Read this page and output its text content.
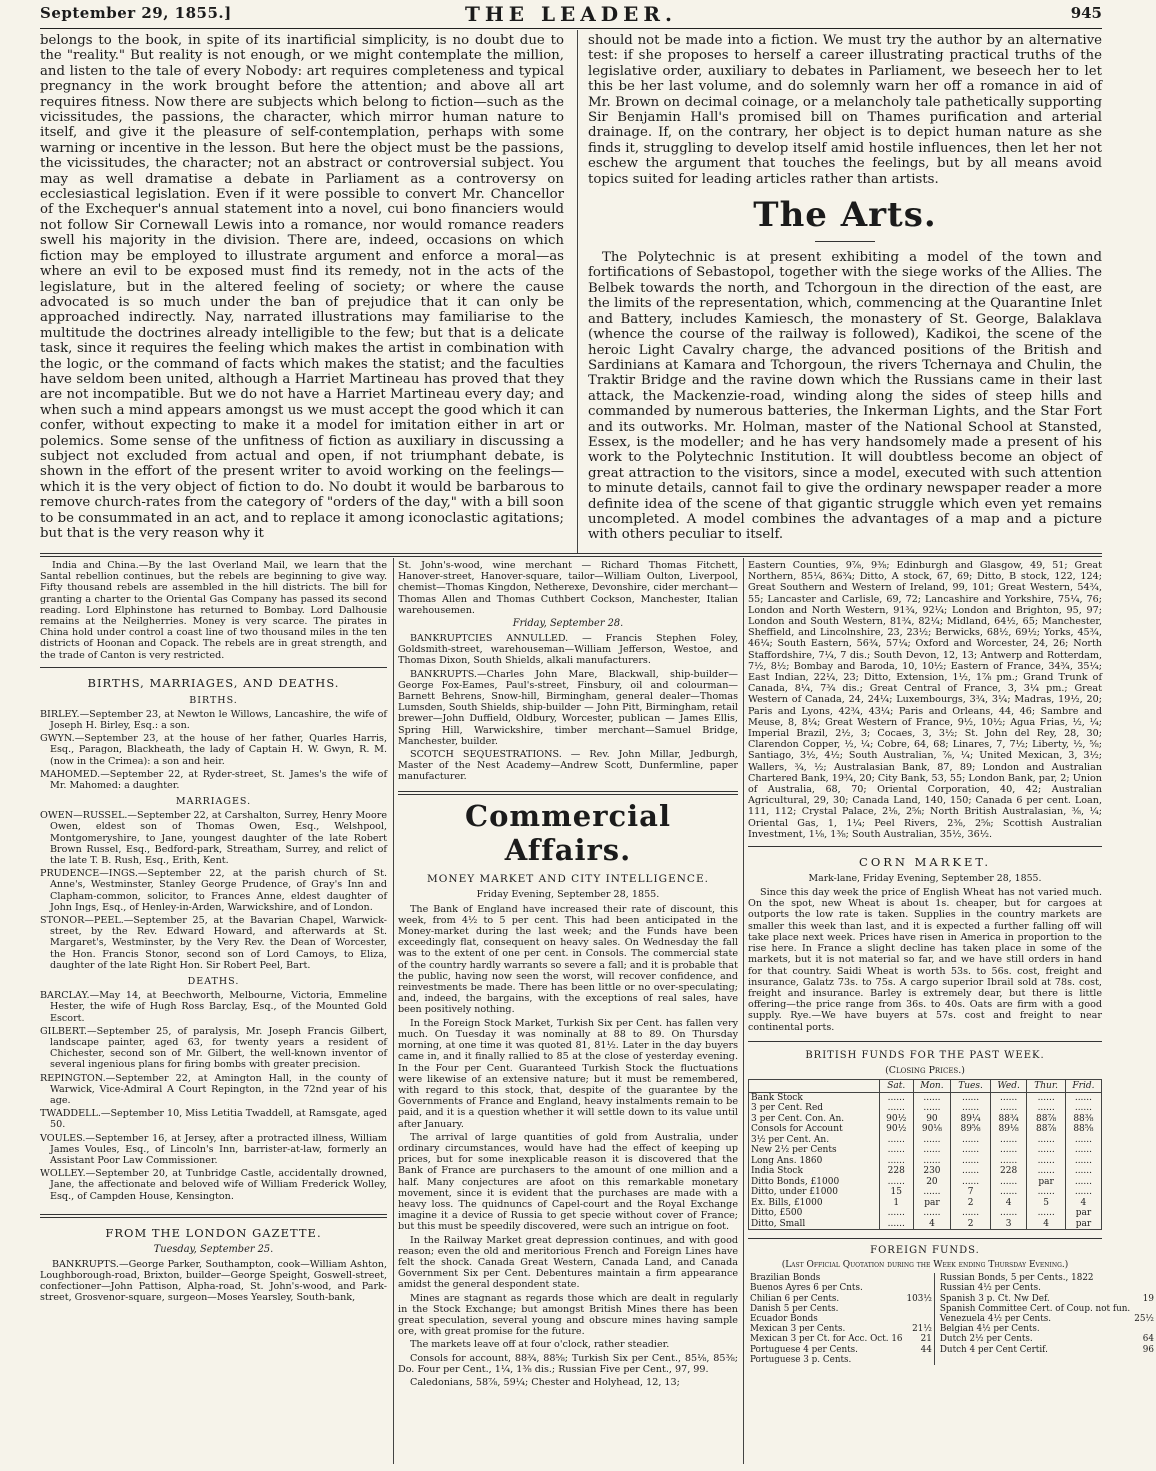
September 29, 1855.]	THE LEADER.	945

belongs to the book, in spite of its inartificial simplicity, is no doubt due to the "reality." But reality is not enough, or we might contemplate the million, and listen to the tale of every Nobody: art requires completeness and typical pregnancy in the work brought before the attention; and above all art requires fitness. Now there are subjects which belong to fiction—such as the vicissitudes, the passions, the character, which mirror human nature to itself, and give it the pleasure of self-contemplation, perhaps with some warning or incentive in the lesson. But here the object must be the passions, the vicissitudes, the character; not an abstract or controversial subject. You may as well dramatise a debate in Parliament as a controversy on ecclesiastical legislation. Even if it were possible to convert Mr. Chancellor of the Exchequer's annual statement into a novel, cui bono financiers would not follow Sir Cornewall Lewis into a romance, nor would romance readers swell his majority in the division. There are, indeed, occasions on which fiction may be employed to illustrate argument and enforce a moral—as where an evil to be exposed must find its remedy, not in the acts of the legislature, but in the altered feeling of society; or where the cause advocated is so much under the ban of prejudice that it can only be approached indirectly. Nay, narrated illustrations may familiarise to the multitude the doctrines already intelligible to the few; but that is a delicate task, since it requires the feeling which makes the artist in combination with the logic, or the command of facts which makes the statist; and the faculties have seldom been united, although a Harriet Martineau has proved that they are not incompatible. But we do not have a Harriet Martineau every day; and when such a mind appears amongst us we must accept the good which it can confer, without expecting to make it a model for imitation either in art or polemics. Some sense of the unfitness of fiction as auxiliary in discussing a subject not excluded from actual and open, if not triumphant debate, is shown in the effort of the present writer to avoid working on the feelings—which it is the very object of fiction to do. No doubt it would be barbarous to remove church-rates from the category of "orders of the day," with a bill soon to be consummated in an act, and to replace it among iconoclastic agitations; but that is the very reason why it

should not be made into a fiction. We must try the author by an alternative test: if she proposes to herself a career illustrating practical truths of the legislative order, auxiliary to debates in Parliament, we beseech her to let this be her last volume, and do solemnly warn her off a romance in aid of Mr. Brown on decimal coinage, or a melancholy tale pathetically supporting Sir Benjamin Hall's promised bill on Thames purification and arterial drainage. If, on the contrary, her object is to depict human nature as she finds it, struggling to develop itself amid hostile influences, then let her not eschew the argument that touches the feelings, but by all means avoid topics suited for leading articles rather than artists.

The Arts.

The Polytechnic is at present exhibiting a model of the town and fortifications of Sebastopol, together with the siege works of the Allies. The Belbek towards the north, and Tchorgoun in the direction of the east, are the limits of the representation, which, commencing at the Quarantine Inlet and Battery, includes Kamiesch, the monastery of St. George, Balaklava (whence the course of the railway is followed), Kadikoi, the scene of the heroic Light Cavalry charge, the advanced positions of the British and Sardinians at Kamara and Tchorgoun, the rivers Tchernaya and Chulin, the Traktir Bridge and the ravine down which the Russians came in their last attack, the Mackenzie-road, winding along the sides of steep hills and commanded by numerous batteries, the Inkerman Lights, and the Star Fort and its outworks. Mr. Holman, master of the National School at Stansted, Essex, is the modeller; and he has very handsomely made a present of his work to the Polytechnic Institution. It will doubtless become an object of great attraction to the visitors, since a model, executed with such attention to minute details, cannot fail to give the ordinary newspaper reader a more definite idea of the scene of that gigantic struggle which even yet remains uncompleted. A model combines the advantages of a map and a picture with others peculiar to itself.

India and China.—By the last Overland Mail, we learn that the Santal rebellion continues, but the rebels are beginning to give way. Fifty thousand rebels are assembled in the hill districts. The bill for granting a charter to the Oriental Gas Company has passed its second reading. Lord Elphinstone has returned to Bombay. Lord Dalhousie remains at the Neilgherries. Money is very scarce. The pirates in China hold under control a coast line of two thousand miles in the ten districts of Hoonan and Copack. The rebels are in great strength, and the trade of Canton is very restricted.

BIRTHS, MARRIAGES, AND DEATHS.
BIRTHS.

BIRLEY.—September 23, at Newton le Willows, Lancashire, the wife of Joseph H. Birley, Esq.: a son.

GWYN.—September 23, at the house of her father, Quarles Harris, Esq., Paragon, Blackheath, the lady of Captain H. W. Gwyn, R. M. (now in the Crimea): a son and heir.

MAHOMED.—September 22, at Ryder-street, St. James's the wife of Mr. Mahomed: a daughter.

MARRIAGES.

OWEN—RUSSEL.—September 22, at Carshalton, Surrey, Henry Moore Owen, eldest son of Thomas Owen, Esq., Welshpool, Montgomeryshire, to Jane, youngest daughter of the late Robert Brown Russel, Esq., Bedford-park, Streatham, Surrey, and relict of the late T. B. Rush, Esq., Erith, Kent.

PRUDENCE—INGS.—September 22, at the parish church of St. Anne's, Westminster, Stanley George Prudence, of Gray's Inn and Clapham-common, solicitor, to Frances Anne, eldest daughter of John Ings, Esq., of Henley-in-Arden, Warwickshire, and of London.

STONOR—PEEL.—September 25, at the Bavarian Chapel, Warwick-street, by the Rev. Edward Howard, and afterwards at St. Margaret's, Westminster, by the Very Rev. the Dean of Worcester, the Hon. Francis Stonor, second son of Lord Camoys, to Eliza, daughter of the late Right Hon. Sir Robert Peel, Bart.

DEATHS.

BARCLAY.—May 14, at Beechworth, Melbourne, Victoria, Emmeline Hester, the wife of Hugh Ross Barclay, Esq., of the Mounted Gold Escort.

GILBERT.—September 25, of paralysis, Mr. Joseph Francis Gilbert, landscape painter, aged 63, for twenty years a resident of Chichester, second son of Mr. Gilbert, the well-known inventor of several ingenious plans for firing bombs with greater precision.

REPINGTON.—September 22, at Amington Hall, in the county of Warwick, Vice-Admiral A Court Repington, in the 72nd year of his age.

TWADDELL.—September 10, Miss Letitia Twaddell, at Ramsgate, aged 50.

VOULES.—September 16, at Jersey, after a protracted illness, William James Voules, Esq., of Lincoln's Inn, barrister-at-law, formerly an Assistant Poor Law Commissioner.

WOLLEY.—September 20, at Tunbridge Castle, accidentally drowned, Jane, the affectionate and beloved wife of William Frederick Wolley, Esq., of Campden House, Kensington.

FROM THE LONDON GAZETTE.
Tuesday, September 25.

BANKRUPTS.—George Parker, Southampton, cook—William Ashton, Loughborough-road, Brixton, builder—George Speight, Goswell-street, confectioner—John Pattison, Alpha-road, St. John's-wood, and Park-street, Grosvenor-square, surgeon—Moses Yearsley, South-bank,

St. John's-wood, wine merchant — Richard Thomas Fitchett, Hanover-street, Hanover-square, tailor—William Oulton, Liverpool, chemist—Thomas Kingdon, Netherexe, Devonshire, cider merchant—Thomas Allen and Thomas Cuthbert Cockson, Manchester, Italian warehousemen.

Friday, September 28.

BANKRUPTCIES ANNULLED. — Francis Stephen Foley, Goldsmith-street, warehouseman—William Jefferson, Westoe, and Thomas Dixon, South Shields, alkali manufacturers.

BANKRUPTS.—Charles John Mare, Blackwall, ship-builder—George Fox-Eames, Paul's-street, Finsbury, oil and colourman—Barnett Behrens, Snow-hill, Birmingham, general dealer—Thomas Lumsden, South Shields, ship-builder — John Pitt, Birmingham, retail brewer—John Duffield, Oldbury, Worcester, publican — James Ellis, Spring Hill, Warwickshire, timber merchant—Samuel Bridge, Manchester, builder.

SCOTCH SEQUESTRATIONS. — Rev. John Millar, Jedburgh, Master of the Nest Academy—Andrew Scott, Dunfermline, paper manufacturer.

Commercial Affairs.
MONEY MARKET AND CITY INTELLIGENCE.
Friday Evening, September 28, 1855.

The Bank of England have increased their rate of discount, this week, from 4½ to 5 per cent. This had been anticipated in the Money-market during the last week; and the Funds have been exceedingly flat, consequent on heavy sales. On Wednesday the fall was to the extent of one per cent. in Consols. The commercial state of the country hardly warrants so severe a fall; and it is probable that the public, having now seen the worst, will recover confidence, and reinvestments be made. There has been little or no over-speculating; and, indeed, the bargains, with the exceptions of real sales, have been positively nothing.

In the Foreign Stock Market, Turkish Six per Cent. has fallen very much. On Tuesday it was nominally at 88 to 89. On Thursday morning, at one time it was quoted 81, 81½. Later in the day buyers came in, and it finally rallied to 85 at the close of yesterday evening. In the Four per Cent. Guaranteed Turkish Stock the fluctuations were likewise of an extensive nature; but it must be remembered, with regard to this stock, that, despite of the guarantee by the Governments of France and England, heavy instalments remain to be paid, and it is a question whether it will settle down to its value until after January.

The arrival of large quantities of gold from Australia, under ordinary circumstances, would have had the effect of keeping up prices, but for some inexplicable reason it is discovered that the Bank of France are purchasers to the amount of one million and a half. Many conjectures are afoot on this remarkable monetary movement, since it is evident that the purchases are made with a heavy loss. The quidnuncs of Capel-court and the Royal Exchange imagine it a device of Russia to get specie without cover of France; but this must be speedily discovered, were such an intrigue on foot.

In the Railway Market great depression continues, and with good reason; even the old and meritorious French and Foreign Lines have felt the shock. Canada Great Western, Canada Land, and Canada Government Six per Cent. Debentures maintain a firm appearance amidst the general despondent state.

Mines are stagnant as regards those which are dealt in regularly in the Stock Exchange; but amongst British Mines there has been great speculation, several young and obscure mines having sample ore, with great promise for the future.

The markets leave off at four o'clock, rather steadier.

Consols for account, 88¾, 88⅝; Turkish Six per Cent., 85⅛, 85⅜; Do. Four per Cent., 1¼, 1⅜ dis.; Russian Five per Cent., 97, 99.

Caledonians, 58⅞, 59¼; Chester and Holyhead, 12, 13;

Eastern Counties, 9⅞, 9⅜; Edinburgh and Glasgow, 49, 51; Great Northern, 85¼, 86¾; Ditto, A stock, 67, 69; Ditto, B stock, 122, 124; Great Southern and Western of Ireland, 99, 101; Great Western, 54¾, 55; Lancaster and Carlisle, 69, 72; Lancashire and Yorkshire, 75¼, 76; London and North Western, 91¾, 92¼; London and Brighton, 95, 97; London and South Western, 81¾, 82¼; Midland, 64½, 65; Manchester, Sheffield, and Lincolnshire, 23, 23½; Berwicks, 68½, 69½; Yorks, 45¾, 46¼; South Eastern, 56¾, 57¼; Oxford and Worcester, 24, 26; North Staffordshire, 7¼, 7 dis.; South Devon, 12, 13; Antwerp and Rotterdam, 7½, 8½; Bombay and Baroda, 10, 10½; Eastern of France, 34¾, 35¼; East Indian, 22¼, 23; Ditto, Extension, 1½, 1⅞ pm.; Grand Trunk of Canada, 8¼, 7¾ dis.; Great Central of France, 3, 3¼ pm.; Great Western of Canada, 24, 24¼; Luxembourgs, 3¾, 3¼; Madras, 19½, 20; Paris and Lyons, 42¾, 43¼; Paris and Orleans, 44, 46; Sambre and Meuse, 8, 8¼; Great Western of France, 9½, 10½; Agua Frias, ½, ¼; Imperial Brazil, 2½, 3; Cocaes, 3, 3½; St. John del Rey, 28, 30; Clarendon Copper, ½, ¼; Cobre, 64, 68; Linares, 7, 7½; Liberty, ½, ⅝; Santiago, 3½, 4½; South Australian, ⅞, ¼; United Mexican, 3, 3½; Wallers, ¾, ½; Australasian Bank, 87, 89; London and Australian Chartered Bank, 19¾, 20; City Bank, 53, 55; London Bank, par, 2; Union of Australia, 68, 70; Oriental Corporation, 40, 42; Australian Agricultural, 29, 30; Canada Land, 140, 150; Canada 6 per cent. Loan, 111, 112; Crystal Palace, 2⅛, 2⅝; North British Australasian, ⅜, ¼; Oriental Gas, 1, 1¼; Peel Rivers, 2⅜, 2⅝; Scottish Australian Investment, 1⅛, 1⅜; South Australian, 35½, 36½.

CORN MARKET.
Mark-lane, Friday Evening, September 28, 1855.

Since this day week the price of English Wheat has not varied much. On the spot, new Wheat is about 1s. cheaper, but for cargoes at outports the low rate is taken. Supplies in the country markets are smaller this week than last, and it is expected a further falling off will take place next week. Prices have risen in America in proportion to the rise here. In France a slight decline has taken place in some of the markets, but it is not material so far, and we have still orders in hand for that country. Saidi Wheat is worth 53s. to 56s. cost, freight and insurance, Galatz 73s. to 75s. A cargo superior Ibrail sold at 78s. cost, freight and insurance. Barley is extremely dear, but there is little offering—the price range from 36s. to 40s. Oats are firm with a good supply. Rye.—We have buyers at 57s. cost and freight to near continental ports.

BRITISH FUNDS FOR THE PAST WEEK.
(Closing Prices.)
	Sat.	Mon.	Tues.	Wed.	Thur.	Frid.
Bank Stock	......	......	......	......	......	......
3 per Cent. Red	......	......	......	......	......	......
3 per Cent. Con. An.	90½	90	89¼	88¾	88⅞	88⅜
Consols for Account	90½	90⅛	89⅝	89⅛	88⅞	88⅝
3½ per Cent. An.	......	......	......	......	......	......
New 2½ per Cents	......	......	......	......	......	......
Long Ans. 1860	......	......	......	......	......	......
India Stock	228	230	......	228	......	......
Ditto Bonds, £1000	......	20	......	......	par	......
Ditto, under £1000	15	......	7	......	......	......
Ex. Bills, £1000	1	par	2	4	5	4
Ditto, £500	......	......	......	......	......	par
Ditto, Small	......	4	2	3	4	par
FOREIGN FUNDS.
(Last Official Quotation during the Week ending Thursday Evening.)
Brazilian Bonds		Russian Bonds, 5 per Cents., 1822	
Buenos Ayres 6 per Cnts.		Russian 4½ per Cents.	
Chilian 6 per Cents.	103½	Spanish 3 p. Ct. Nw Def.	19
Danish 5 per Cents.		Spanish Committee Cert. of Coup. not fun.	
Ecuador Bonds		Venezuela 4½ per Cents.	25½
Mexican 3 per Cents.	21½	Belgian 4½ per Cents.	
Mexican 3 per Ct. for Acc. Oct. 16	21	Dutch 2½ per Cents.	64
Portuguese 4 per Cents.	44	Dutch 4 per Cent Certif.	96
Portuguese 3 p. Cents.			
